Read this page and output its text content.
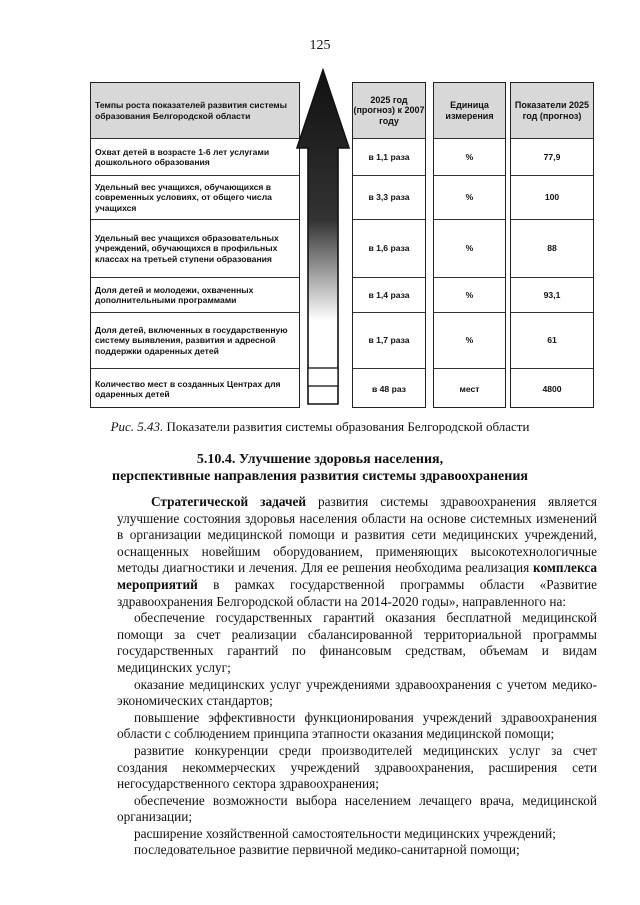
125
Темпы роста показателей развития системы образования Белгородской области
Охват детей в возрасте 1-6 лет услугами дошкольного образования
Удельный вес учащихся, обучающихся в современных условиях, от общего числа учащихся
Удельный вес учащихся образовательных учреждений, обучающихся в профильных классах на третьей ступени образования
Доля детей и молодежи, охваченных дополнительными программами
Доля детей, включенных в государственную систему выявления, развития и адресной поддержки одаренных детей
Количество мест в созданных Центрах для одаренных детей
2025 год (прогноз) к 2007 году
в 1,1 раза
в 3,3 раза
в 1,6 раза
в 1,4 раза
в 1,7 раза
в 48 раз
Единица измерения
%
%
%
%
%
мест
Показатели 2025 год (прогноз)
77,9
100
88
93,1
61
4800
Рис. 5.43. Показатели развития системы образования Белгородской области
5.10.4. Улучшение здоровья населения,
перспективные направления развития системы здравоохранения

Стратегической задачей развития системы здравоохранения является улучшение состояния здоровья населения области на основе системных изменений в организации медицинской помощи и развития сети медицинских учреждений, оснащенных новейшим оборудованием, применяющих высокотехнологичные методы диагностики и лечения. Для ее решения необходима реализация комплекса мероприятий в рамках государственной программы области «Развитие здравоохранения Белгородской области на 2014-2020 годы», направленного на:

обеспечение государственных гарантий оказания бесплатной медицинской помощи за счет реализации сбалансированной территориальной программы государственных гарантий по финансовым средствам, объемам и видам медицинских услуг;

оказание медицинских услуг учреждениями здравоохранения с учетом медико-экономических стандартов;

повышение эффективности функционирования учреждений здравоохранения области с соблюдением принципа этапности оказания медицинской помощи;

развитие конкуренции среди производителей медицинских услуг за счет создания некоммерческих учреждений здравоохранения, расширения сети негосударственного сектора здравоохранения;

обеспечение возможности выбора населением лечащего врача, медицинской организации;

расширение хозяйственной самостоятельности медицинских учреждений;

последовательное развитие первичной медико-санитарной помощи;
